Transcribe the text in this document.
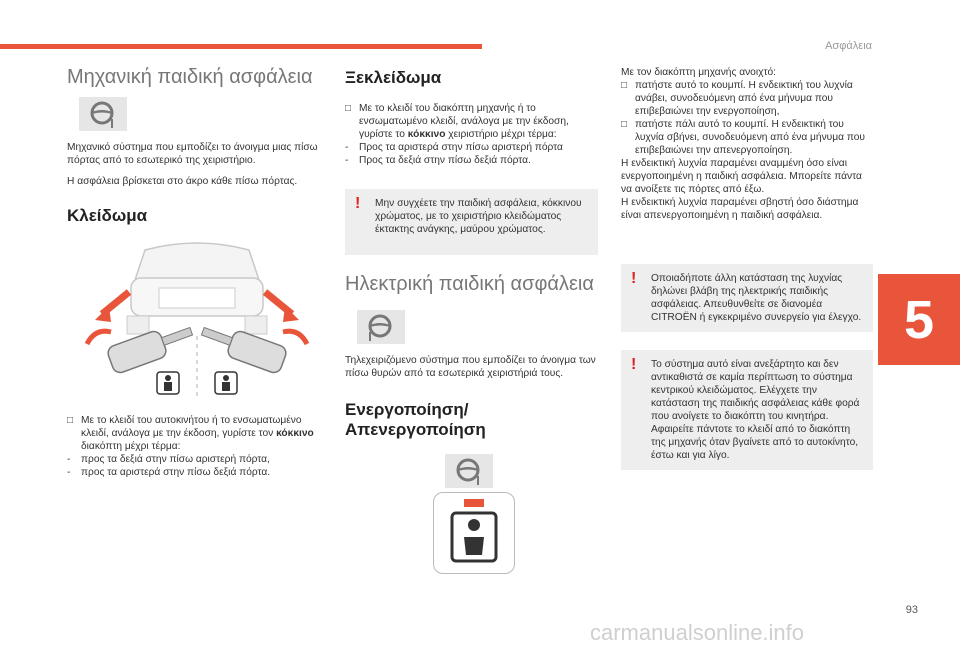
Ασφάλεια
5
Μηχανική παιδική ασφάλεια

Μηχανικό σύστημα που εμποδίζει το άνοιγμα μιας πίσω πόρτας από το εσωτερικό της χειριστήριο.

Η ασφάλεια βρίσκεται στο άκρο κάθε πίσω πόρτας.

Κλείδωμα
□ Με το κλειδί του αυτοκινήτου ή το ενσωματωμένο κλειδί, ανάλογα με την έκδοση, γυρίστε τον κόκκινο διακόπτη μέχρι τέρμα:
-	προς τα δεξιά στην πίσω αριστερή πόρτα,
-	προς τα αριστερά στην πίσω δεξιά πόρτα.
Ξεκλείδωμα
□ Με το κλειδί του διακόπτη μηχανής ή το ενσωματωμένο κλειδί, ανάλογα με την έκδοση, γυρίστε το κόκκινο χειριστήριο μέχρι τέρμα:
-	Προς τα αριστερά στην πίσω αριστερή πόρτα
-	Προς τα δεξιά στην πίσω δεξιά πόρτα.
! Μην συγχέετε την παιδική ασφάλεια, κόκκινου χρώματος, με το χειριστήριο κλειδώματος έκτακτης ανάγκης, μαύρου χρώματος.
Ηλεκτρική παιδική ασφάλεια

Τηλεχειριζόμενο σύστημα που εμποδίζει το άνοιγμα των πίσω θυρών από τα εσωτερικά χειριστήριά τους.

Ενεργοποίηση/Απενεργοποίηση

Με τον διακόπτη μηχανής ανοιχτό:

□ πατήστε αυτό το κουμπί. Η ενδεικτική του λυχνία ανάβει, συνοδευόμενη από ένα μήνυμα που επιβεβαιώνει την ενεργοποίηση,
□ πατήστε πάλι αυτό το κουμπί. Η ενδεικτική του λυχνία σβήνει, συνοδευόμενη από ένα μήνυμα που επιβεβαιώνει την απενεργοποίηση.

Η ενδεικτική λυχνία παραμένει αναμμένη όσο είναι ενεργοποιημένη η παιδική ασφάλεια. Μπορείτε πάντα να ανοίξετε τις πόρτες από έξω.

Η ενδεικτική λυχνία παραμένει σβηστή όσο διάστημα είναι απενεργοποιημένη η παιδική ασφάλεια.

! Οποιαδήποτε άλλη κατάσταση της λυχνίας δηλώνει βλάβη της ηλεκτρικής παιδικής ασφάλειας. Απευθυνθείτε σε διανομέα CITROËN ή εγκεκριμένο συνεργείο για έλεγχο.
! Το σύστημα αυτό είναι ανεξάρτητο και δεν αντικαθιστά σε καμία περίπτωση το σύστημα κεντρικού κλειδώματος. Ελέγχετε την κατάσταση της παιδικής ασφάλειας κάθε φορά που ανοίγετε το διακόπτη του κινητήρα. Αφαιρείτε πάντοτε το κλειδί από το διακόπτη της μηχανής όταν βγαίνετε από το αυτοκίνητο, έστω και για λίγο.
93
carmanualsonline.info
